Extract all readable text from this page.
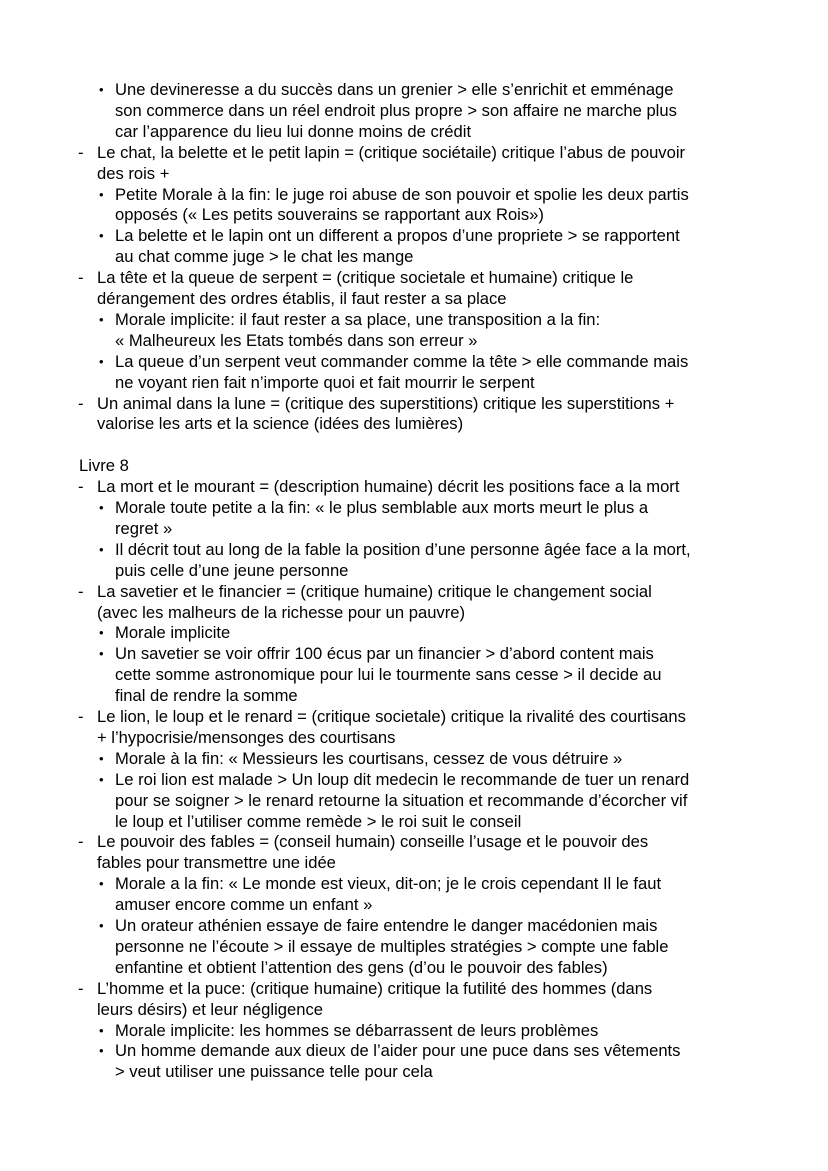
• Une devineresse a du succès dans un grenier > elle s’enrichit et emménage
son commerce dans un réel endroit plus propre > son affaire ne marche plus
car l’apparence du lieu lui donne moins de crédit
- Le chat, la belette et le petit lapin = (critique sociétaile) critique l’abus de pouvoir
des rois +
• Petite Morale à la fin: le juge roi abuse de son pouvoir et spolie les deux partis
opposés (« Les petits souverains se rapportant aux Rois»)
• La belette et le lapin ont un different a propos d’une propriete > se rapportent
au chat comme juge > le chat les mange
- La tête et la queue de serpent = (critique societale et humaine) critique le
dérangement des ordres établis, il faut rester a sa place
• Morale implicite: il faut rester a sa place, une transposition a la fin:
« Malheureux les Etats tombés dans son erreur »
• La queue d’un serpent veut commander comme la tête > elle commande mais
ne voyant rien fait n’importe quoi et fait mourrir le serpent
- Un animal dans la lune = (critique des superstitions) critique les superstitions +
valorise les arts et la science (idées des lumières)
Livre 8
- La mort et le mourant = (description humaine) décrit les positions face a la mort
• Morale toute petite a la fin: « le plus semblable aux morts meurt le plus a
regret »
• Il décrit tout au long de la fable la position d’une personne âgée face a la mort,
puis celle d’une jeune personne
- La savetier et le financier = (critique humaine) critique le changement social
(avec les malheurs de la richesse pour un pauvre)
• Morale implicite
• Un savetier se voir offrir 100 écus par un financier > d’abord content mais
cette somme astronomique pour lui le tourmente sans cesse > il decide au
final de rendre la somme
- Le lion, le loup et le renard = (critique societale) critique la rivalité des courtisans
+ l’hypocrisie/mensonges des courtisans
• Morale à la fin: « Messieurs les courtisans, cessez de vous détruire »
• Le roi lion est malade > Un loup dit medecin le recommande de tuer un renard
pour se soigner > le renard retourne la situation et recommande d’écorcher vif
le loup et l’utiliser comme remède > le roi suit le conseil
- Le pouvoir des fables = (conseil humain) conseille l’usage et le pouvoir des
fables pour transmettre une idée
• Morale a la fin: « Le monde est vieux, dit-on; je le crois cependant Il le faut
amuser encore comme un enfant »
• Un orateur athénien essaye de faire entendre le danger macédonien mais
personne ne l’écoute > il essaye de multiples stratégies > compte une fable
enfantine et obtient l’attention des gens (d’ou le pouvoir des fables)
- L’homme et la puce: (critique humaine) critique la futilité des hommes (dans
leurs désirs) et leur négligence
• Morale implicite: les hommes se débarrassent de leurs problèmes
• Un homme demande aux dieux de l’aider pour une puce dans ses vêtements
> veut utiliser une puissance telle pour cela
